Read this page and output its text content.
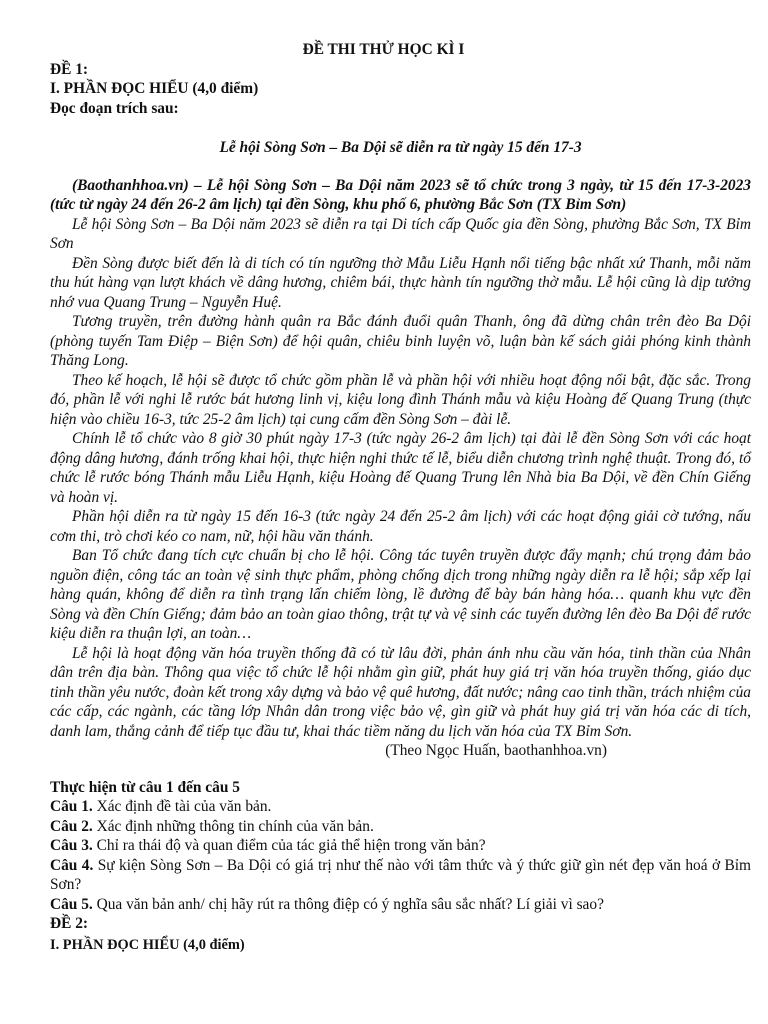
ĐỀ THI THỬ HỌC KÌ I

ĐỀ 1:

I. PHẦN ĐỌC HIỂU (4,0 điểm)

Đọc đoạn trích sau:

Lễ hội Sòng Sơn – Ba Dội sẽ diễn ra từ ngày 15 đến 17-3

(Baothanhhoa.vn) – Lễ hội Sòng Sơn – Ba Dội năm 2023 sẽ tổ chức trong 3 ngày, từ 15 đến 17-3-2023 (tức từ ngày 24 đến 26-2 âm lịch) tại đền Sòng, khu phố 6, phường Bắc Sơn (TX Bỉm Sơn)

Lễ hội Sòng Sơn – Ba Dội năm 2023 sẽ diễn ra tại Di tích cấp Quốc gia đền Sòng, phường Bắc Sơn, TX Bỉm Sơn

Đền Sòng được biết đến là di tích có tín ngưỡng thờ Mẫu Liễu Hạnh nổi tiếng bậc nhất xứ Thanh, mỗi năm thu hút hàng vạn lượt khách về dâng hương, chiêm bái, thực hành tín ngưỡng thờ mẫu. Lễ hội cũng là dịp tưởng nhớ vua Quang Trung – Nguyễn Huệ.

Tương truyền, trên đường hành quân ra Bắc đánh đuổi quân Thanh, ông đã dừng chân trên đèo Ba Dội (phòng tuyến Tam Điệp – Biện Sơn) để hội quân, chiêu binh luyện võ, luận bàn kế sách giải phóng kinh thành Thăng Long.

Theo kế hoạch, lễ hội sẽ được tổ chức gồm phần lễ và phần hội với nhiều hoạt động nổi bật, đặc sắc. Trong đó, phần lễ với nghi lễ rước bát hương linh vị, kiệu long đình Thánh mẫu và kiệu Hoàng đế Quang Trung (thực hiện vào chiều 16-3, tức 25-2 âm lịch) tại cung cấm đền Sòng Sơn – đài lễ.

Chính lễ tổ chức vào 8 giờ 30 phút ngày 17-3 (tức ngày 26-2 âm lịch) tại đài lễ đền Sòng Sơn với các hoạt động dâng hương, đánh trống khai hội, thực hiện nghi thức tế lễ, biểu diễn chương trình nghệ thuật. Trong đó, tổ chức lễ rước bóng Thánh mẫu Liễu Hạnh, kiệu Hoàng đế Quang Trung lên Nhà bia Ba Dội, về đền Chín Giếng và hoàn vị.

Phần hội diễn ra từ ngày 15 đến 16-3 (tức ngày 24 đến 25-2 âm lịch) với các hoạt động giải cờ tướng, nấu cơm thi, trò chơi kéo co nam, nữ, hội hầu văn thánh.

Ban Tổ chức đang tích cực chuẩn bị cho lễ hội. Công tác tuyên truyền được đẩy mạnh; chú trọng đảm bảo nguồn điện, công tác an toàn vệ sinh thực phẩm, phòng chống dịch trong những ngày diễn ra lễ hội; sắp xếp lại hàng quán, không để diễn ra tình trạng lấn chiếm lòng, lề đường để bày bán hàng hóa… quanh khu vực đền Sòng và đền Chín Giếng; đảm bảo an toàn giao thông, trật tự và vệ sinh các tuyến đường lên đèo Ba Dội để rước kiệu diễn ra thuận lợi, an toàn…

Lễ hội là hoạt động văn hóa truyền thống đã có từ lâu đời, phản ánh nhu cầu văn hóa, tinh thần của Nhân dân trên địa bàn. Thông qua việc tổ chức lễ hội nhằm gìn giữ, phát huy giá trị văn hóa truyền thống, giáo dục tinh thần yêu nước, đoàn kết trong xây dựng và bảo vệ quê hương, đất nước; nâng cao tinh thần, trách nhiệm của các cấp, các ngành, các tầng lớp Nhân dân trong việc bảo vệ, gìn giữ và phát huy giá trị văn hóa các di tích, danh lam, thắng cảnh để tiếp tục đầu tư, khai thác tiềm năng du lịch văn hóa của TX Bỉm Sơn.

(Theo Ngọc Huấn, baothanhhoa.vn)

Thực hiện từ câu 1 đến câu 5

Câu 1. Xác định đề tài của văn bản.

Câu 2. Xác định những thông tin chính của văn bản.

Câu 3. Chỉ ra thái độ và quan điểm của tác giả thể hiện trong văn bản?

Câu 4. Sự kiện Sòng Sơn – Ba Dội có giá trị như thế nào với tâm thức và ý thức giữ gìn nét đẹp văn hoá ở Bỉm Sơn?

Câu 5. Qua văn bản anh/ chị hãy rút ra thông điệp có ý nghĩa sâu sắc nhất? Lí giải vì sao?

ĐỀ 2:

I. PHẦN ĐỌC HIỂU (4,0 điểm)
